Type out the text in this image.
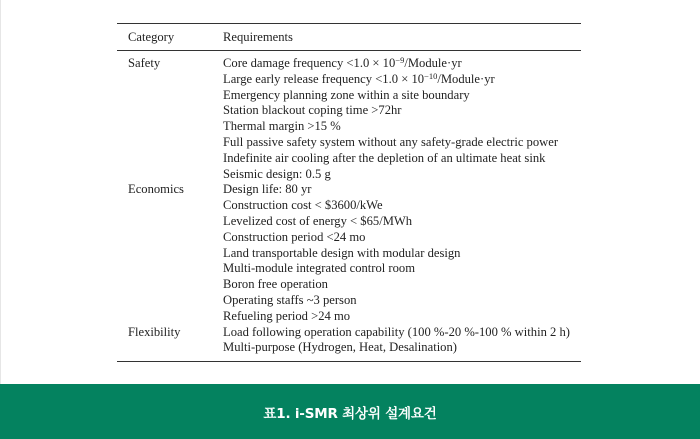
Category	Requirements
Safety	Core damage frequency $<1.0 \times 10^{-9}/Module\cdot yr$
	Large early release frequency $<1.0 \times 10^{-10}/Module\cdot yr$
	Emergency planning zone within a site boundary
	Station blackout coping time >72hr
	Thermal margin >15 %
	Full passive safety system without any safety-grade electric power
	Indefinite air cooling after the depletion of an ultimate heat sink
	Seismic design: 0.5 g
Economics	Design life: 80 yr
	Construction cost < $3600/kWe
	Levelized cost of energy < $65/MWh
	Construction period <24 mo
	Land transportable design with modular design
	Multi-module integrated control room
	Boron free operation
	Operating staffs ~3 person
	Refueling period >24 mo
Flexibility	Load following operation capability (100 %-20 %-100 % within 2 h)
	Multi-purpose (Hydrogen, Heat, Desalination)
표1. i-SMR 최상위 설계요건
